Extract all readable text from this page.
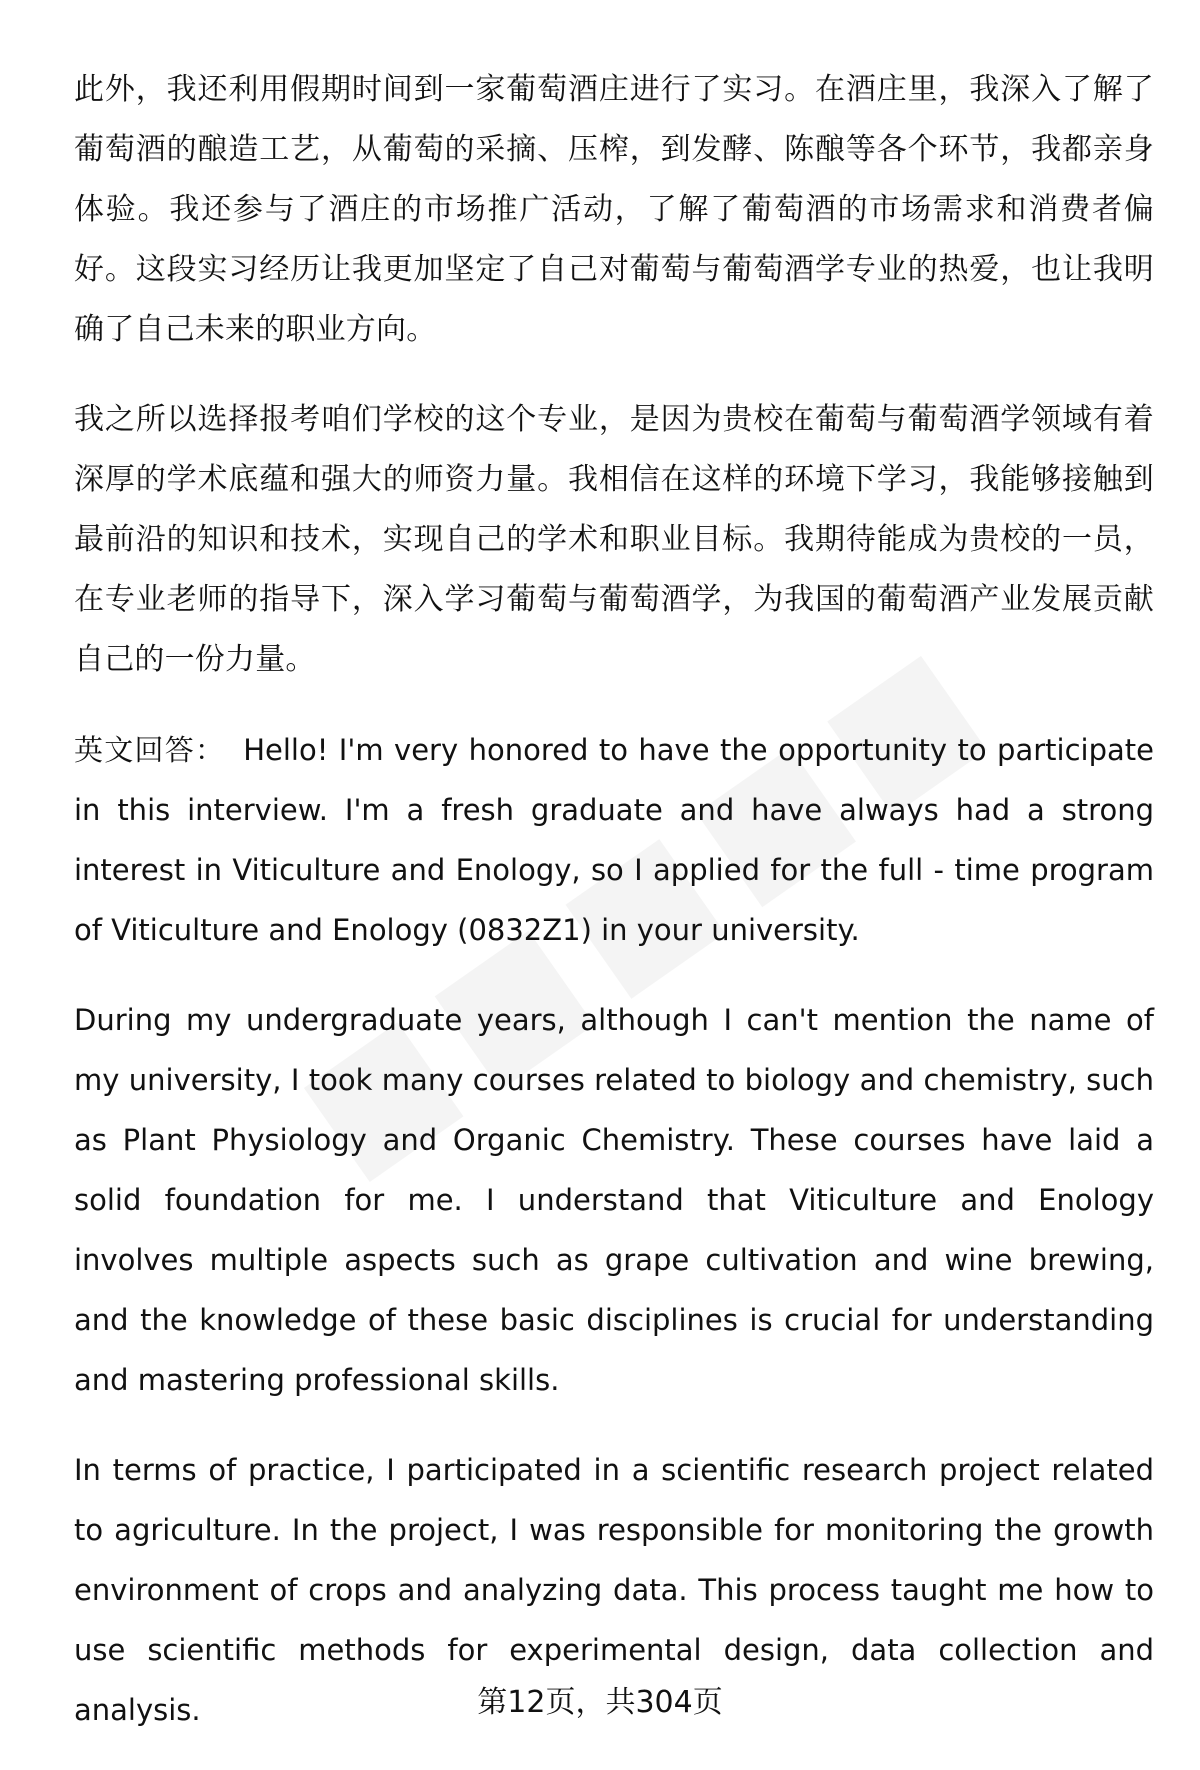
此外，我还利用假期时间到一家葡萄酒庄进行了实习。在酒庄里，我深入了解了葡萄酒的酿造工艺，从葡萄的采摘、压榨，到发酵、陈酿等各个环节，我都亲身体验。我还参与了酒庄的市场推广活动，了解了葡萄酒的市场需求和消费者偏好。这段实习经历让我更加坚定了自己对葡萄与葡萄酒学专业的热爱，也让我明确了自己未来的职业方向。

我之所以选择报考咱们学校的这个专业，是因为贵校在葡萄与葡萄酒学领域有着深厚的学术底蕴和强大的师资力量。我相信在这样的环境下学习，我能够接触到最前沿的知识和技术，实现自己的学术和职业目标。我期待能成为贵校的一员，在专业老师的指导下，深入学习葡萄与葡萄酒学，为我国的葡萄酒产业发展贡献自己的一份力量。

英文回答： Hello! I'm very honored to have the opportunity to participate in this interview. I'm a fresh graduate and have always had a strong interest in Viticulture and Enology, so I applied for the full - time program of Viticulture and Enology (0832Z1) in your university.

During my undergraduate years, although I can't mention the name of my university, I took many courses related to biology and chemistry, such as Plant Physiology and Organic Chemistry. These courses have laid a solid foundation for me. I understand that Viticulture and Enology involves multiple aspects such as grape cultivation and wine brewing, and the knowledge of these basic disciplines is crucial for understanding and mastering professional skills.

In terms of practice, I participated in a scientific research project related to agriculture. In the project, I was responsible for monitoring the growth environment of crops and analyzing data. This process taught me how to use scientific methods for experimental design, data collection and analysis.	第12页，共304页
